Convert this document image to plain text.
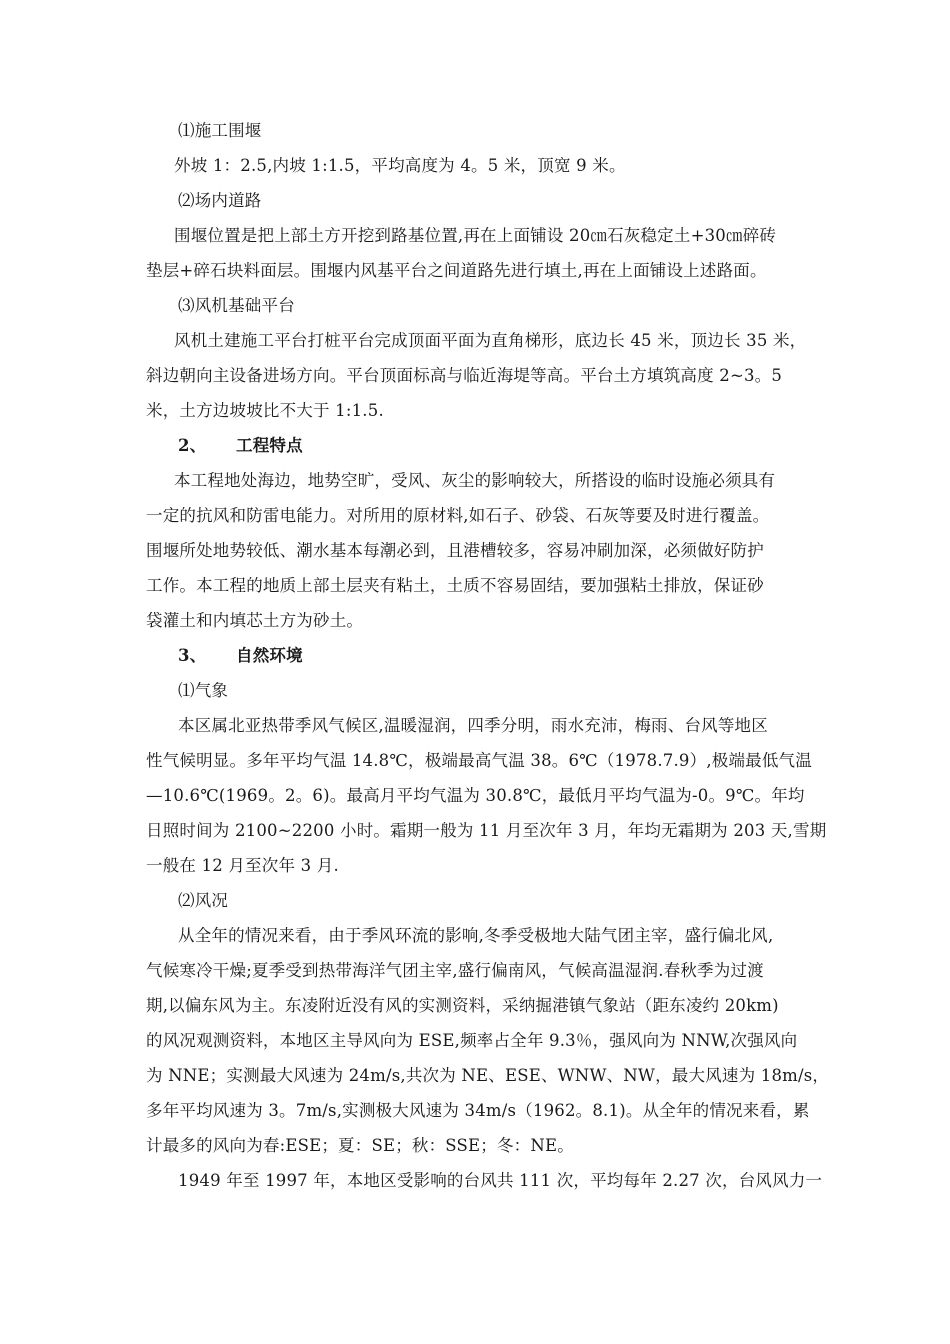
⑴施工围堰
外坡 1：2.5,内坡 1:1.5，平均高度为 4。5 米，顶宽 9 米。
⑵场内道路
围堰位置是把上部土方开挖到路基位置,再在上面铺设 20㎝石灰稳定土+30㎝碎砖
垫层+碎石块料面层。围堰内风基平台之间道路先进行填土,再在上面铺设上述路面。
⑶风机基础平台
风机土建施工平台打桩平台完成顶面平面为直角梯形，底边长 45 米，顶边长 35 米，
斜边朝向主设备进场方向。平台顶面标高与临近海堤等高。平台土方填筑高度 2~3。5
米，土方边坡坡比不大于 1:1.5.
2、 工程特点
本工程地处海边，地势空旷，受风、灰尘的影响较大，所搭设的临时设施必须具有
一定的抗风和防雷电能力。对所用的原材料,如石子、砂袋、石灰等要及时进行覆盖。
围堰所处地势较低、潮水基本每潮必到，且港槽较多，容易冲刷加深，必须做好防护
工作。本工程的地质上部土层夹有粘土，土质不容易固结，要加强粘土排放，保证砂
袋灌土和内填芯土方为砂土。
3、 自然环境
⑴气象
本区属北亚热带季风气候区,温暖湿润，四季分明，雨水充沛，梅雨、台风等地区
性气候明显。多年平均气温 14.8℃，极端最高气温 38。6℃（1978.7.9）,极端最低气温
—10.6℃(1969。2。6)。最高月平均气温为 30.8℃，最低月平均气温为-0。9℃。年均
日照时间为 2100~2200 小时。霜期一般为 11 月至次年 3 月，年均无霜期为 203 天,雪期
一般在 12 月至次年 3 月.
⑵风况
从全年的情况来看，由于季风环流的影响,冬季受极地大陆气团主宰，盛行偏北风,
气候寒冷干燥;夏季受到热带海洋气团主宰,盛行偏南风，气候高温湿润.春秋季为过渡
期,以偏东风为主。东凌附近没有风的实测资料，采纳掘港镇气象站（距东凌约 20km)
的风况观测资料，本地区主导风向为 ESE,频率占全年 9.3％，强风向为 NNW,次强风向
为 NNE；实测最大风速为 24m/s,共次为 NE、ESE、WNW、NW，最大风速为 18m/s，
多年平均风速为 3。7m/s,实测极大风速为 34m/s（1962。8.1)。从全年的情况来看，累
计最多的风向为春:ESE；夏：SE；秋：SSE；冬：NE。
1949 年至 1997 年，本地区受影响的台风共 111 次，平均每年 2.27 次，台风风力一
